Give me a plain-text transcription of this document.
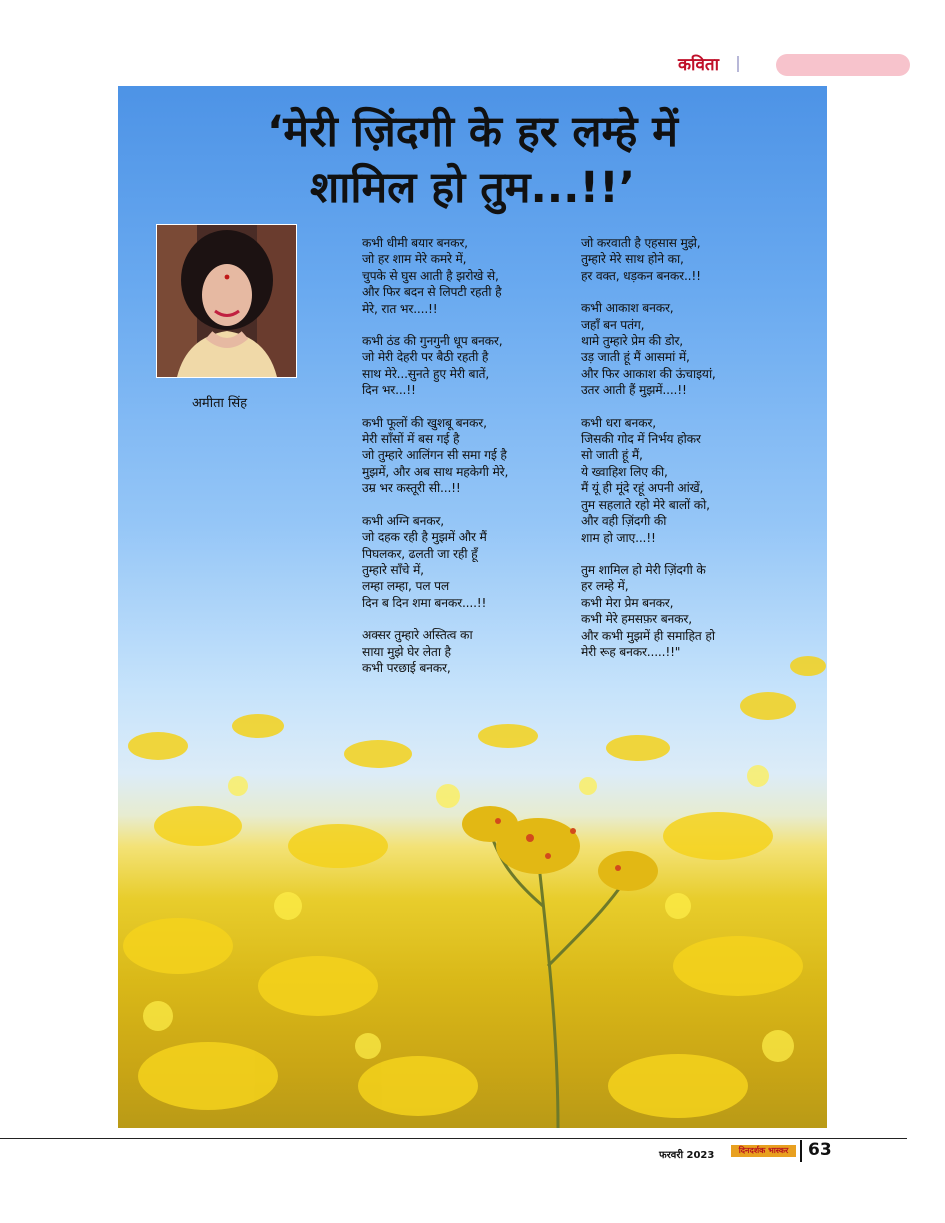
कविता
‘मेरी ज़िंदगी के हर लम्हे में
शामिल हो तुम...!!’
अमीता सिंह
कभी धीमी बयार बनकर,
जो हर शाम मेरे कमरे में,
चुपके से घुस आती है झरोखे से,
और फिर बदन से लिपटी रहती है
मेरे, रात भर....!!
कभी ठंड की गुनगुनी धूप बनकर,
जो मेरी देहरी पर बैठी रहती है
साथ मेरे...सुनते हुए मेरी बातें,
दिन भर...!!
कभी फूलों की खुशबू बनकर,
मेरी साँसों में बस गई है
जो तुम्हारे आलिंगन सी समा गई है
मुझमें, और अब साथ महकेगी मेरे,
उम्र भर कस्तूरी सी...!!
कभी अग्नि बनकर,
जो दहक रही है मुझमें और मैं
पिघलकर, ढलती जा रही हूँ
तुम्हारे साँचे में,
लम्हा लम्हा, पल पल
दिन ब दिन शमा बनकर....!!
अक्सर तुम्हारे अस्तित्व का
साया मुझे घेर लेता है
कभी परछाई बनकर,
जो करवाती है एहसास मुझे,
तुम्हारे मेरे साथ होने का,
हर वक्त, धड़कन बनकर..!!
कभी आकाश बनकर,
जहाँ बन पतंग,
थामे तुम्हारे प्रेम की डोर,
उड़ जाती हूं मैं आसमां में,
और फिर आकाश की ऊंचाइयां,
उतर आती हैं मुझमें....!!
कभी धरा बनकर,
जिसकी गोद में निर्भय होकर
सो जाती हूं मैं,
ये ख्वाहिश लिए की,
मैं यूं ही मूंदे रहूं अपनी आंखें,
तुम सहलाते रहो मेरे बालों को,
और वही ज़िंदगी की
शाम हो जाए...!!
तुम शामिल हो मेरी ज़िंदगी के
हर लम्हे में,
कभी मेरा प्रेम बनकर,
कभी मेरे हमसफ़र बनकर,
और कभी मुझमें ही समाहित हो
मेरी रूह बनकर.....!!"
फरवरी 2023	दिनदर्शक भास्कर	63
